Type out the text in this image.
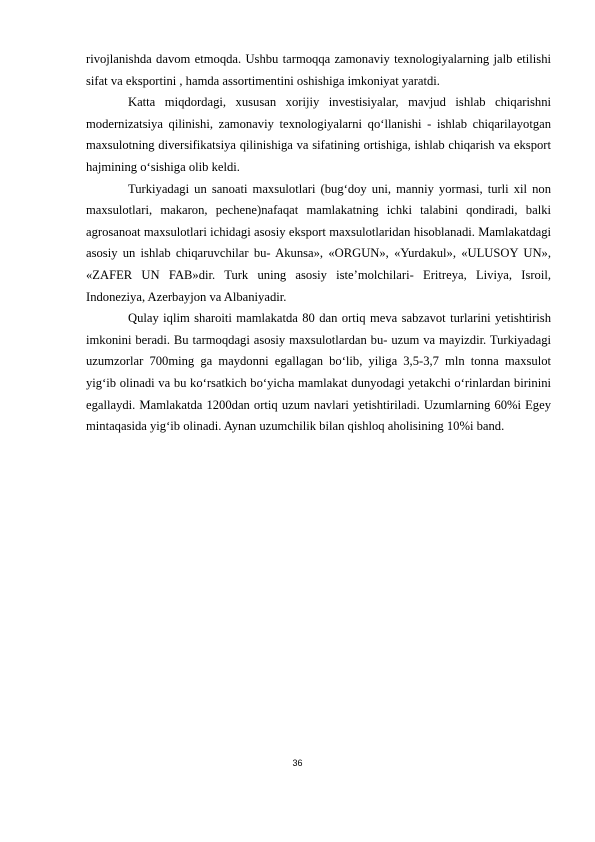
rivojlanishda davom etmoqda. Ushbu tarmoqqa zamonaviy texnologiyalarning jalb etilishi sifat va eksportini , hamda assortimentini oshishiga imkoniyat yaratdi.

Katta miqdordagi, xususan xorijiy investisiyalar, mavjud ishlab chiqarishni modernizatsiya qilinishi, zamonaviy texnologiyalarni qo‘llanishi - ishlab chiqarilayotgan maxsulotning diversifikatsiya qilinishiga va sifatining ortishiga, ishlab chiqarish va eksport hajmining o‘sishiga olib keldi.

Turkiyadagi un sanoati maxsulotlari (bug‘doy uni, manniy yormasi, turli xil non maxsulotlari, makaron, pechene)nafaqat mamlakatning ichki talabini qondiradi, balki agrosanoat maxsulotlari ichidagi asosiy eksport maxsulotlaridan hisoblanadi. Mamlakatdagi asosiy un ishlab chiqaruvchilar bu- Akunsa», «ORGUN», «Yurdakul», «ULUSOY UN», «ZAFER UN FAB»dir. Turk uning asosiy iste’molchilari- Eritreya, Liviya, Isroil, Indoneziya, Azerbayjon va Albaniyadir.

Qulay iqlim sharoiti mamlakatda 80 dan ortiq meva sabzavot turlarini yetishtirish imkonini beradi. Bu tarmoqdagi asosiy maxsulotlardan bu- uzum va mayizdir. Turkiyadagi uzumzorlar 700ming ga maydonni egallagan bo‘lib, yiliga 3,5-3,7 mln tonna maxsulot yig‘ib olinadi va bu ko‘rsatkich bo‘yicha mamlakat dunyodagi yetakchi o‘rinlardan birinini egallaydi. Mamlakatda 1200dan ortiq uzum navlari yetishtiriladi. Uzumlarning 60%i Egey mintaqasida yig‘ib olinadi. Aynan uzumchilik bilan qishloq aholisining 10%i band.

36
